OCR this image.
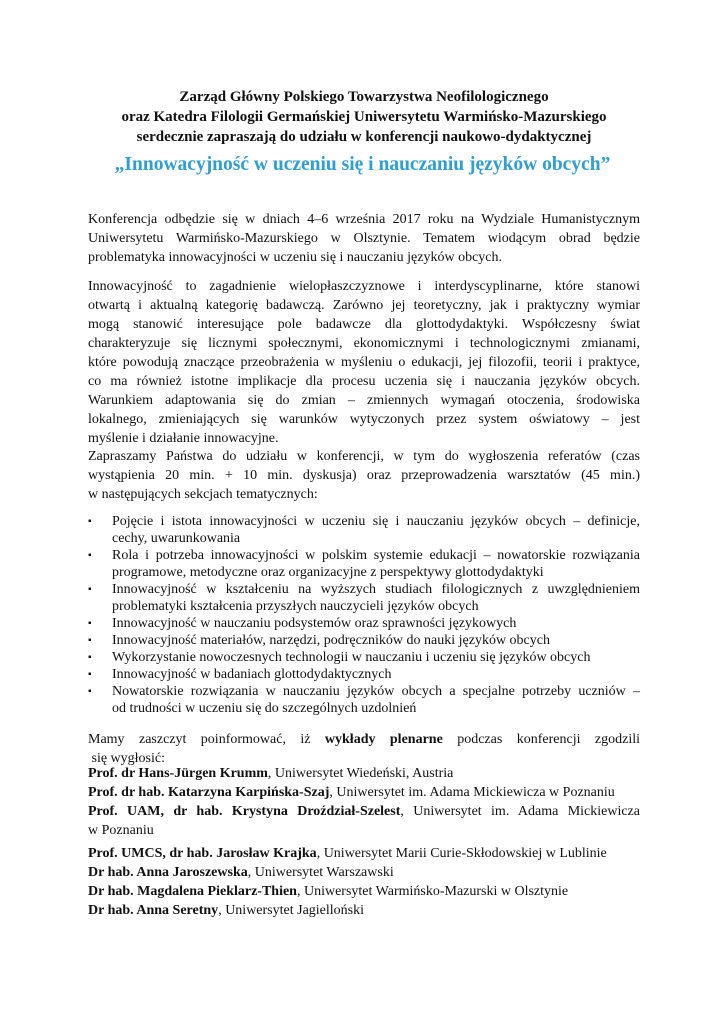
Zarząd Główny Polskiego Towarzystwa Neofilologicznego
oraz Katedra Filologii Germańskiej Uniwersytetu Warmińsko-Mazurskiego
serdecznie zapraszają do udziału w konferencji naukowo-dydaktycznej
„Innowacyjność w uczeniu się i nauczaniu języków obcych”
Konferencja odbędzie się w dniach 4–6 września 2017 roku na Wydziale Humanistycznym
Uniwersytetu Warmińsko-Mazurskiego w Olsztynie. Tematem wiodącym obrad będzie
problematyka innowacyjności w uczeniu się i nauczaniu języków obcych.
Innowacyjność to zagadnienie wielopłaszczyznowe i interdyscyplinarne, które stanowi
otwartą i aktualną kategorię badawczą. Zarówno jej teoretyczny, jak i praktyczny wymiar
mogą stanowić interesujące pole badawcze dla glottodydaktyki. Współczesny świat
charakteryzuje się licznymi społecznymi, ekonomicznymi i technologicznymi zmianami,
które powodują znaczące przeobrażenia w myśleniu o edukacji, jej filozofii, teorii i praktyce,
co ma również istotne implikacje dla procesu uczenia się i nauczania języków obcych.
Warunkiem adaptowania się do zmian – zmiennych wymagań otoczenia, środowiska
lokalnego, zmieniających się warunków wytyczonych przez system oświatowy – jest
myślenie i działanie innowacyjne.
Zapraszamy Państwa do udziału w konferencji, w tym do wygłoszenia referatów (czas
wystąpienia 20 min. + 10 min. dyskusja) oraz przeprowadzenia warsztatów (45 min.)
w następujących sekcjach tematycznych:
▪ Pojęcie i istota innowacyjności w uczeniu się i nauczaniu języków obcych – definicje,
cechy, uwarunkowania
▪ Rola i potrzeba innowacyjności w polskim systemie edukacji – nowatorskie rozwiązania
programowe, metodyczne oraz organizacyjne z perspektywy glottodydaktyki
▪ Innowacyjność w kształceniu na wyższych studiach filologicznych z uwzględnieniem
problematyki kształcenia przyszłych nauczycieli języków obcych
▪ Innowacyjność w nauczaniu podsystemów oraz sprawności językowych
▪ Innowacyjność materiałów, narzędzi, podręczników do nauki języków obcych
▪ Wykorzystanie nowoczesnych technologii w nauczaniu i uczeniu się języków obcych
▪ Innowacyjność w badaniach glottodydaktycznych
▪ Nowatorskie rozwiązania w nauczaniu języków obcych a specjalne potrzeby uczniów –
od trudności w uczeniu się do szczególnych uzdolnień
Mamy zaszczyt poinformować, iż wykłady plenarne podczas konferencji zgodzili
się wygłosić:
Prof. dr Hans-Jürgen Krumm, Uniwersytet Wiedeński, Austria
Prof. dr hab. Katarzyna Karpińska-Szaj, Uniwersytet im. Adama Mickiewicza w Poznaniu
Prof. UAM, dr hab. Krystyna Droździał-Szelest, Uniwersytet im. Adama Mickiewicza
w Poznaniu
Prof. UMCS, dr hab. Jarosław Krajka, Uniwersytet Marii Curie-Skłodowskiej w Lublinie
Dr hab. Anna Jaroszewska, Uniwersytet Warszawski
Dr hab. Magdalena Pieklarz-Thien, Uniwersytet Warmińsko-Mazurski w Olsztynie
Dr hab. Anna Seretny, Uniwersytet Jagielloński
